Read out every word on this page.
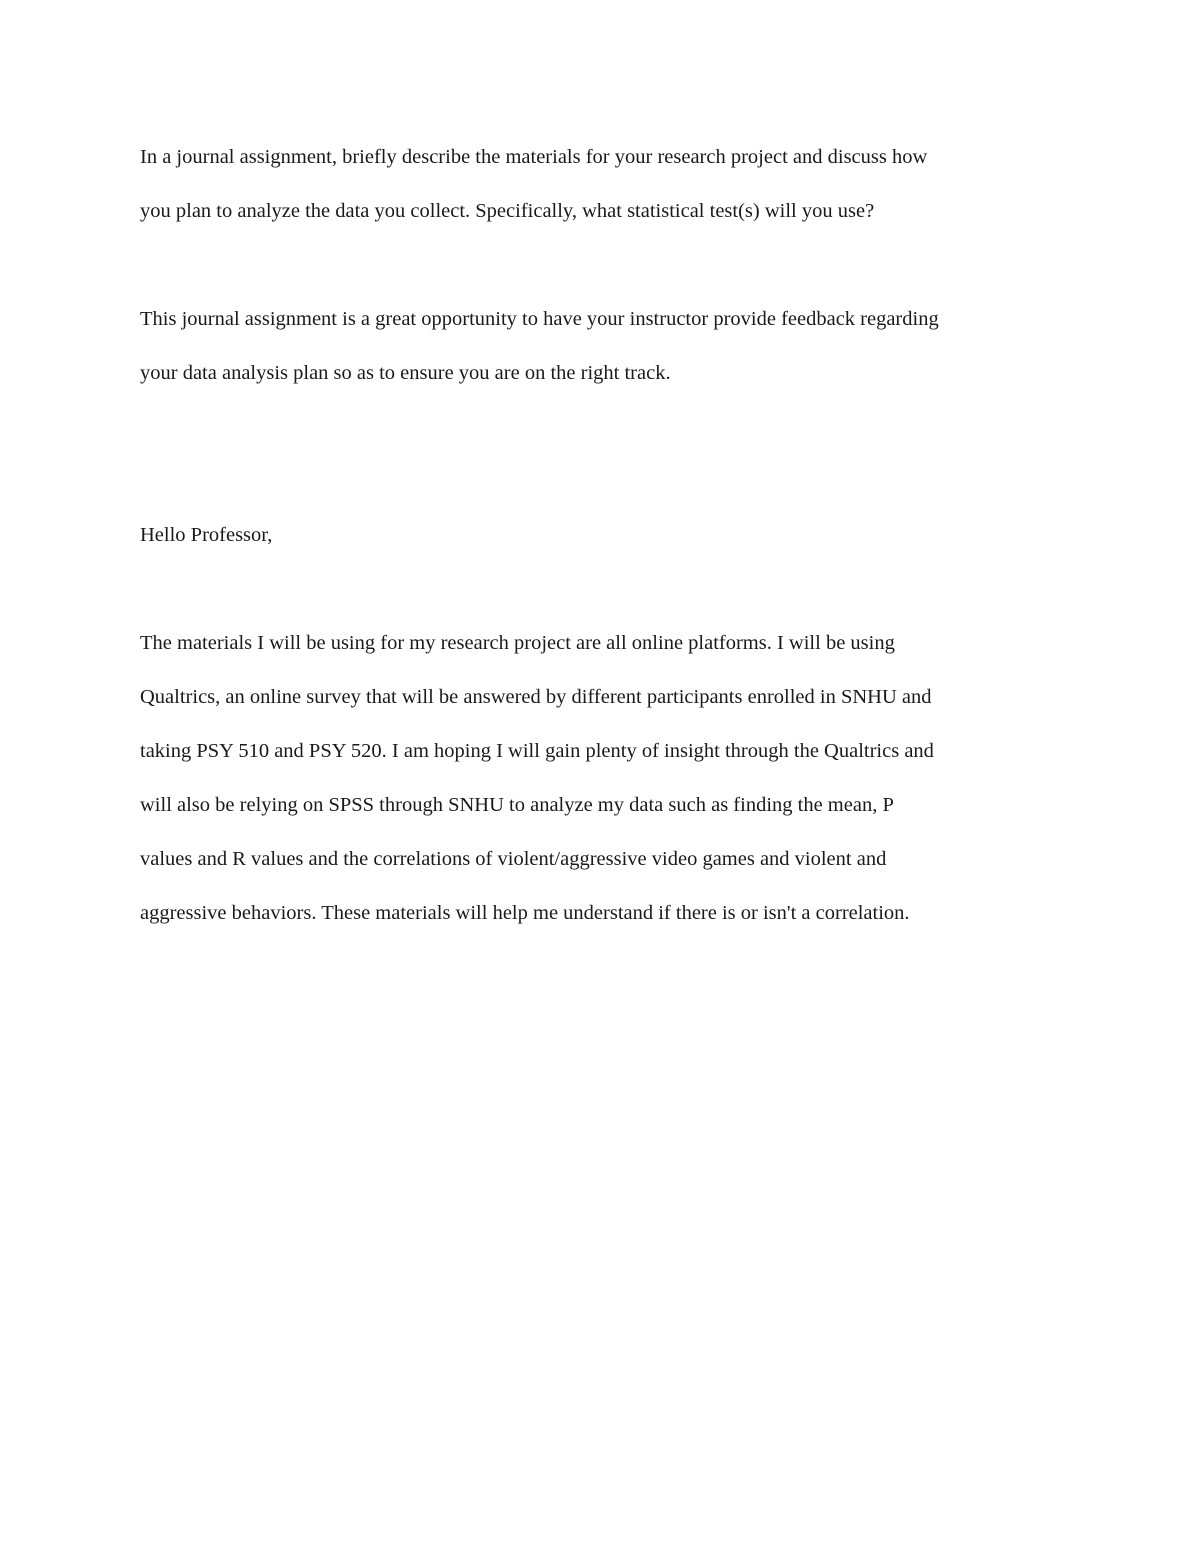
In a journal assignment, briefly describe the materials for your research project and discuss how

you plan to analyze the data you collect. Specifically, what statistical test(s) will you use?

This journal assignment is a great opportunity to have your instructor provide feedback regarding

your data analysis plan so as to ensure you are on the right track.

Hello Professor,

The materials I will be using for my research project are all online platforms. I will be using

Qualtrics, an online survey that will be answered by different participants enrolled in SNHU and

taking PSY 510 and PSY 520. I am hoping I will gain plenty of insight through the Qualtrics and

will also be relying on SPSS through SNHU to analyze my data such as finding the mean, P

values and R values and the correlations of violent/aggressive video games and violent and

aggressive behaviors. These materials will help me understand if there is or isn't a correlation.
